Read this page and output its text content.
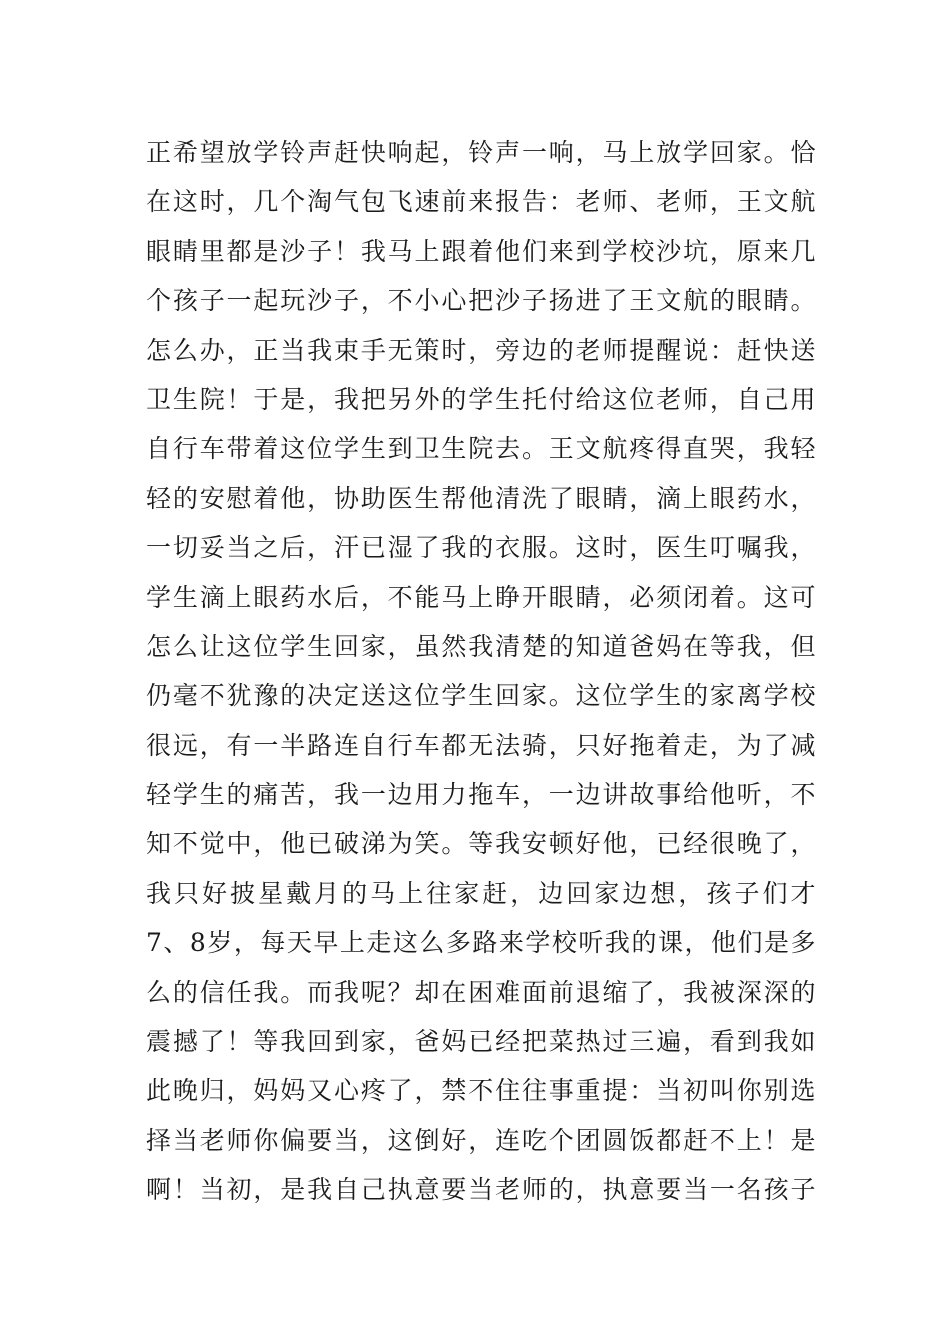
正希望放学铃声赶快响起，铃声一响，马上放学回家。恰
在这时，几个淘气包飞速前来报告：老师、老师，王文航
眼睛里都是沙子！我马上跟着他们来到学校沙坑，原来几
个孩子一起玩沙子，不小心把沙子扬进了王文航的眼睛。
怎么办，正当我束手无策时，旁边的老师提醒说：赶快送
卫生院！于是，我把另外的学生托付给这位老师，自己用
自行车带着这位学生到卫生院去。王文航疼得直哭，我轻
轻的安慰着他，协助医生帮他清洗了眼睛，滴上眼药水，
一切妥当之后，汗已湿了我的衣服。这时，医生叮嘱我，
学生滴上眼药水后，不能马上睁开眼睛，必须闭着。这可
怎么让这位学生回家，虽然我清楚的知道爸妈在等我，但
仍毫不犹豫的决定送这位学生回家。这位学生的家离学校
很远，有一半路连自行车都无法骑，只好拖着走，为了减
轻学生的痛苦，我一边用力拖车，一边讲故事给他听，不
知不觉中，他已破涕为笑。等我安顿好他，已经很晚了，
我只好披星戴月的马上往家赶，边回家边想，孩子们才
7、8岁，每天早上走这么多路来学校听我的课，他们是多
么的信任我。而我呢？却在困难面前退缩了，我被深深的
震撼了！等我回到家，爸妈已经把菜热过三遍，看到我如
此晚归，妈妈又心疼了，禁不住往事重提：当初叫你别选
择当老师你偏要当，这倒好，连吃个团圆饭都赶不上！是
啊！当初，是我自己执意要当老师的，执意要当一名孩子
